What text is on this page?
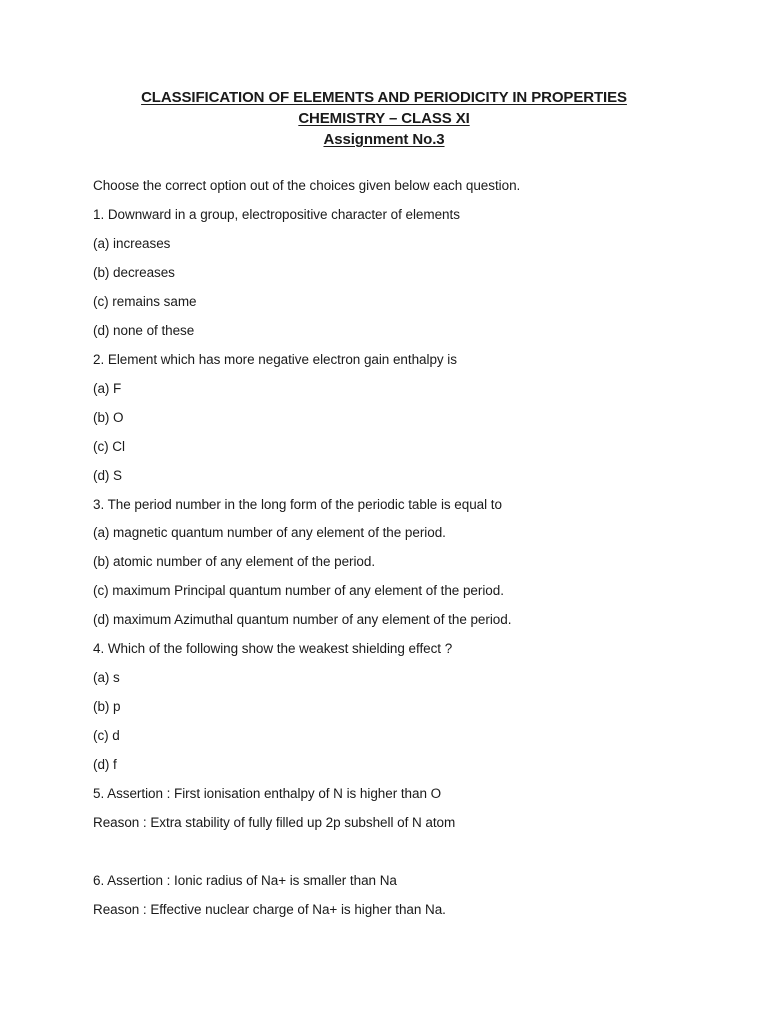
CLASSIFICATION OF ELEMENTS AND PERIODICITY IN PROPERTIES
CHEMISTRY – CLASS XI
Assignment No.3
Choose the correct option out of the choices given below each question.
1. Downward in a group, electropositive character of elements
(a) increases
(b) decreases
(c) remains same
(d) none of these
2. Element which has more negative electron gain enthalpy is
(a) F
(b) O
(c) Cl
(d) S
3. The period number in the long form of the periodic table is equal to
(a) magnetic quantum number of any element of the period.
(b) atomic number of any element of the period.
(c) maximum Principal quantum number of any element of the period.
(d) maximum Azimuthal quantum number of any element of the period.
4. Which of the following show the weakest shielding effect ?
(a) s
(b) p
(c) d
(d) f
5. Assertion : First ionisation enthalpy of N is higher than O
Reason : Extra stability of fully filled up 2p subshell of N atom
6. Assertion : Ionic radius of Na+ is smaller than Na
Reason : Effective nuclear charge of Na+ is higher than Na.
